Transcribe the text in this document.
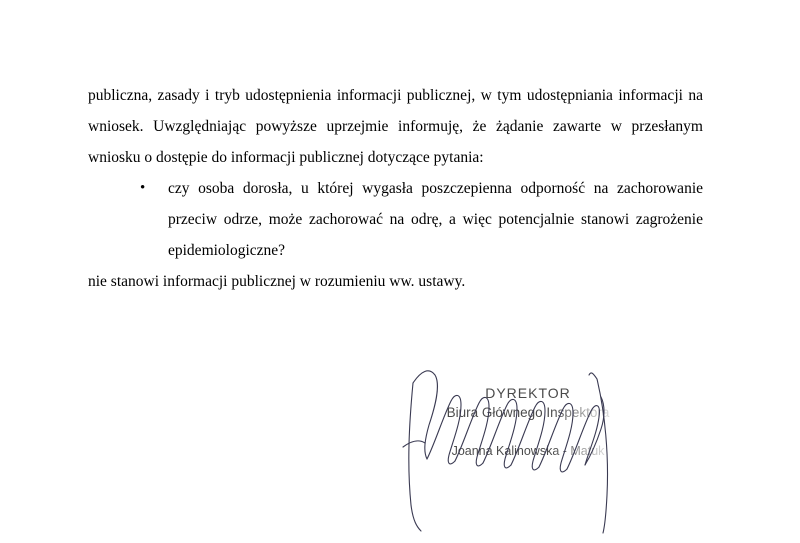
publiczna, zasady i tryb udostępnienia informacji publicznej, w tym udostępniania informacji na wniosek. Uwzględniając powyższe uprzejmie informuję, że żądanie zawarte w przesłanym wniosku o dostępie do informacji publicznej dotyczące pytania:

• czy osoba dorosła, u której wygasła poszczepienna odporność na zachorowanie przeciw odrze, może zachorować na odrę, a więc potencjalnie stanowi zagrożenie epidemiologiczne?

nie stanowi informacji publicznej w rozumieniu ww. ustawy.

DYREKTOR
Biura Głównego Inspektora
Joanna Kalinowska - Matuk
